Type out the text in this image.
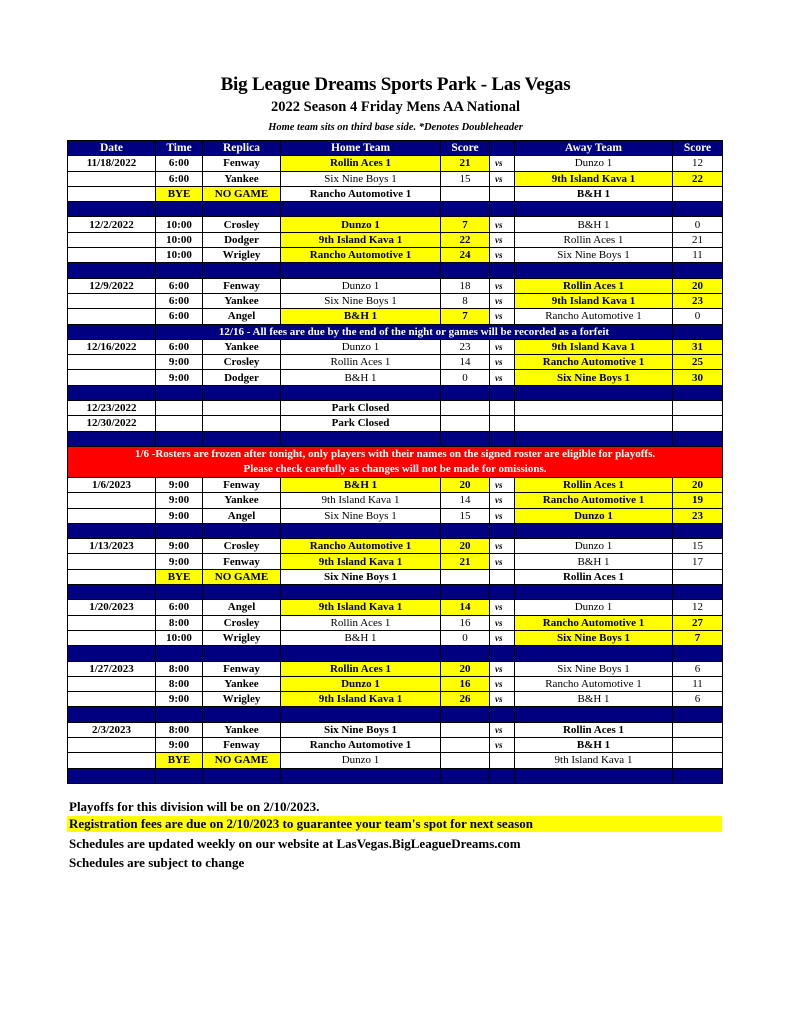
Big League Dreams Sports Park - Las Vegas
2022 Season 4 Friday Mens AA National
Home team sits on third base side. *Denotes Doubleheader
Date	Time	Replica	Home Team	Score		Away Team	Score
11/18/2022	6:00	Fenway	Rollin Aces 1	21	vs	Dunzo 1	12
	6:00	Yankee	Six Nine Boys 1	15	vs	9th Island Kava 1	22
	BYE	NO GAME	Rancho Automotive 1			B&H 1	

12/2/2022	10:00	Crosley	Dunzo 1	7	vs	B&H 1	0
	10:00	Dodger	9th Island Kava 1	22	vs	Rollin Aces 1	21
	10:00	Wrigley	Rancho Automotive 1	24	vs	Six Nine Boys 1	11

12/9/2022	6:00	Fenway	Dunzo 1	18	vs	Rollin Aces 1	20
	6:00	Yankee	Six Nine Boys 1	8	vs	9th Island Kava 1	23
	6:00	Angel	B&H 1	7	vs	Rancho Automotive 1	0
	12/16 - All fees are due by the end of the night or games will be recorded as a forfeit						
12/16/2022	6:00	Yankee	Dunzo 1	23	vs	9th Island Kava 1	31
	9:00	Crosley	Rollin Aces 1	14	vs	Rancho Automotive 1	25
	9:00	Dodger	B&H 1	0	vs	Six Nine Boys 1	30

12/23/2022			Park Closed				
12/30/2022			Park Closed				

1/6 -Rosters are frozen after tonight, only players with their names on the signed roster are eligible for playoffs.
Please check carefully as changes will not be made for omissions.							

1/6/2023	9:00	Fenway	B&H 1	20	vs	Rollin Aces 1	20
	9:00	Yankee	9th Island Kava 1	14	vs	Rancho Automotive 1	19
	9:00	Angel	Six Nine Boys 1	15	vs	Dunzo 1	23

1/13/2023	9:00	Crosley	Rancho Automotive 1	20	vs	Dunzo 1	15
	9:00	Fenway	9th Island Kava 1	21	vs	B&H 1	17
	BYE	NO GAME	Six Nine Boys 1			Rollin Aces 1	

1/20/2023	6:00	Angel	9th Island Kava 1	14	vs	Dunzo 1	12
	8:00	Crosley	Rollin Aces 1	16	vs	Rancho Automotive 1	27
	10:00	Wrigley	B&H 1	0	vs	Six Nine Boys 1	7

1/27/2023	8:00	Fenway	Rollin Aces 1	20	vs	Six Nine Boys 1	6
	8:00	Yankee	Dunzo 1	16	vs	Rancho Automotive 1	11
	9:00	Wrigley	9th Island Kava 1	26	vs	B&H 1	6

2/3/2023	8:00	Yankee	Six Nine Boys 1		vs	Rollin Aces 1	
	9:00	Fenway	Rancho Automotive 1		vs	B&H 1	
	BYE	NO GAME	Dunzo 1			9th Island Kava 1	

Playoffs for this division will be on 2/10/2023.
Registration fees are due on 2/10/2023 to guarantee your team's spot for next season
Schedules are updated weekly on our website at LasVegas.BigLeagueDreams.com
Schedules are subject to change
